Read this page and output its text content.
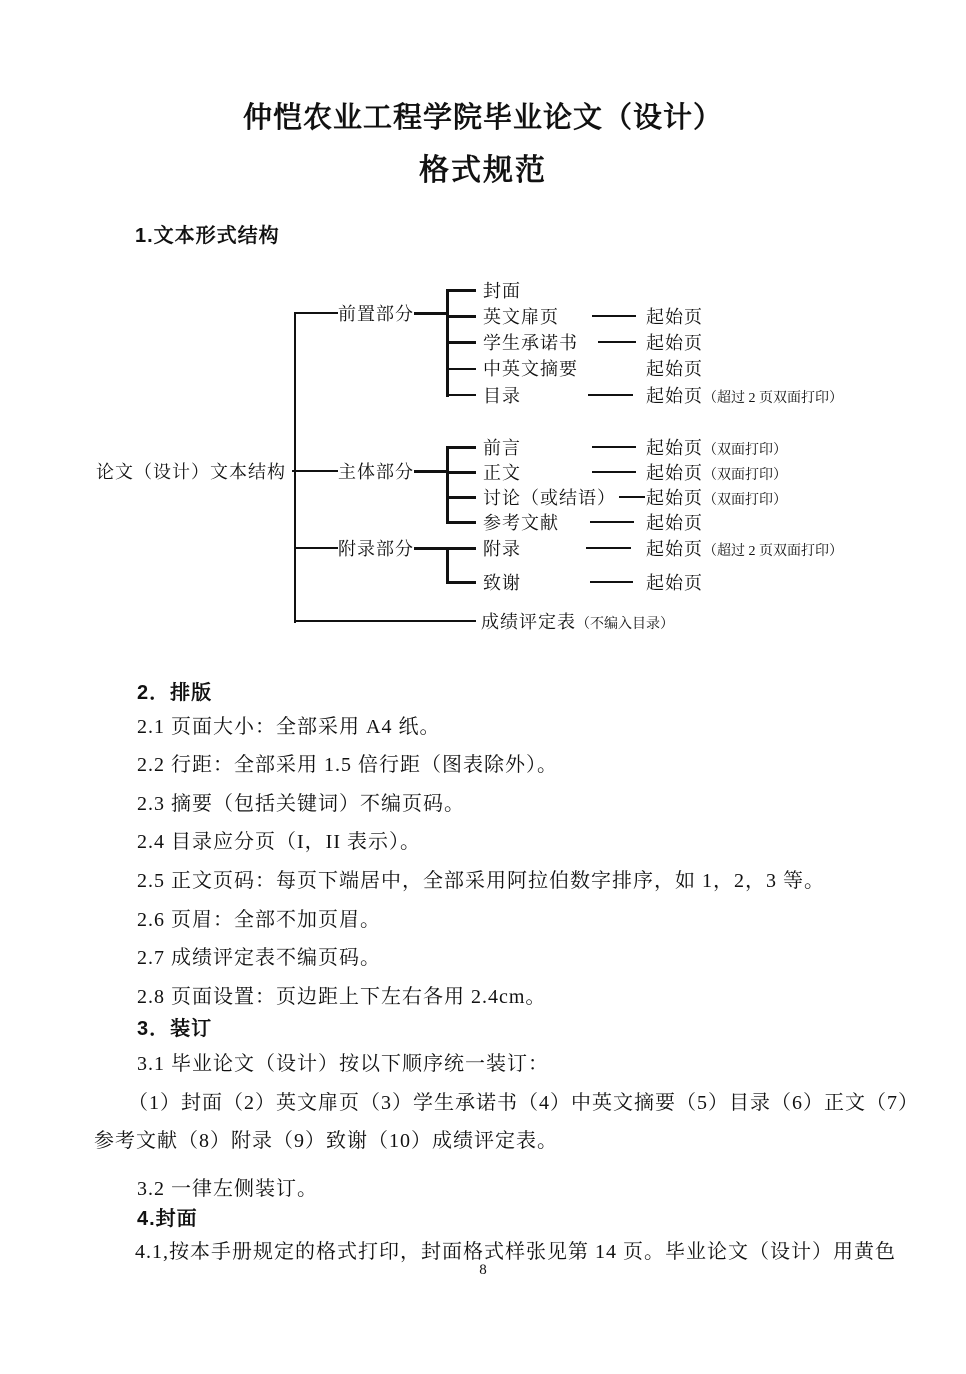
仲恺农业工程学院毕业论文（设计）
格式规范
1.文本形式结构
论文（设计）文本结构
前置部分
主体部分
附录部分
封面
英文扉页	起始页
学生承诺书	起始页
中英文摘要	起始页
目录	起始页（超过 2 页双面打印）
前言	起始页（双面打印）
正文	起始页（双面打印）
讨论（或结语） 起始页（双面打印）
参考文献	起始页
附录	起始页（超过 2 页双面打印）
致谢	起始页
成绩评定表（不编入目录）
2．排版
2.1 页面大小：全部采用 A4 纸。
2.2 行距：全部采用 1.5 倍行距（图表除外）。
2.3 摘要（包括关键词）不编页码。
2.4 目录应分页（I，II 表示）。
2.5 正文页码：每页下端居中，全部采用阿拉伯数字排序，如 1，2，3 等。
2.6 页眉：全部不加页眉。
2.7 成绩评定表不编页码。
2.8 页面设置：页边距上下左右各用 2.4cm。
3．装订
3.1 毕业论文（设计）按以下顺序统一装订：
（1）封面（2）英文扉页（3）学生承诺书（4）中英文摘要（5）目录（6）正文（7）
参考文献（8）附录（9）致谢（10）成绩评定表。
3.2 一律左侧装订。
4.封面
4.1,按本手册规定的格式打印，封面格式样张见第 14 页。毕业论文（设计）用黄色
8
